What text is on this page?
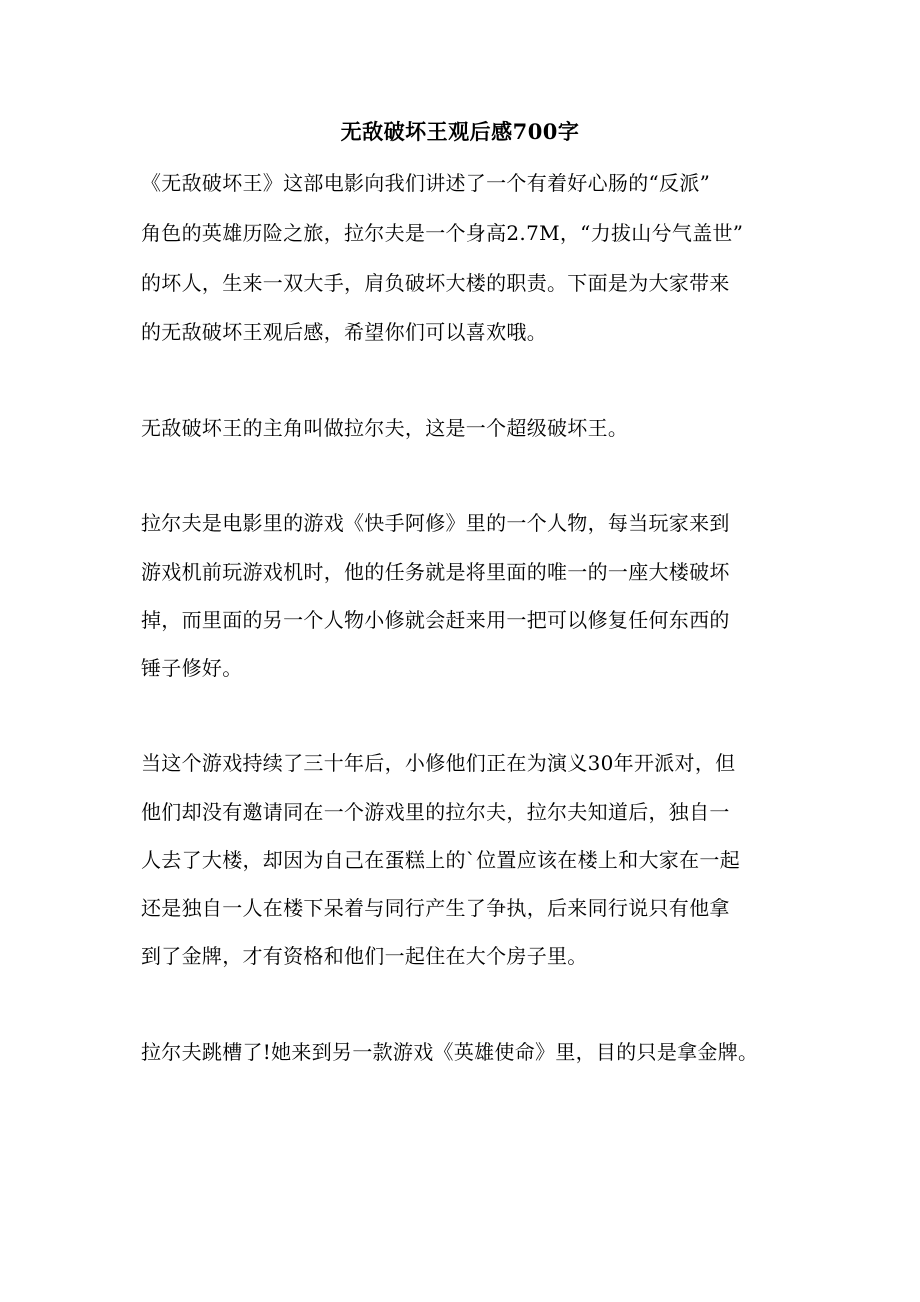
无敌破坏王观后感700字
《无敌破坏王》这部电影向我们讲述了一个有着好心肠的“反派”
角色的英雄历险之旅，拉尔夫是一个身高2.7M，“力拔山兮气盖世”
的坏人，生来一双大手，肩负破坏大楼的职责。下面是为大家带来
的无敌破坏王观后感，希望你们可以喜欢哦。
无敌破坏王的主角叫做拉尔夫，这是一个超级破坏王。
拉尔夫是电影里的游戏《快手阿修》里的一个人物，每当玩家来到
游戏机前玩游戏机时，他的任务就是将里面的唯一的一座大楼破坏
掉，而里面的另一个人物小修就会赶来用一把可以修复任何东西的
锤子修好。
当这个游戏持续了三十年后，小修他们正在为演义30年开派对，但
他们却没有邀请同在一个游戏里的拉尔夫，拉尔夫知道后，独自一
人去了大楼，却因为自己在蛋糕上的`位置应该在楼上和大家在一起
还是独自一人在楼下呆着与同行产生了争执，后来同行说只有他拿
到了金牌，才有资格和他们一起住在大个房子里。
拉尔夫跳槽了!她来到另一款游戏《英雄使命》里，目的只是拿金牌。
